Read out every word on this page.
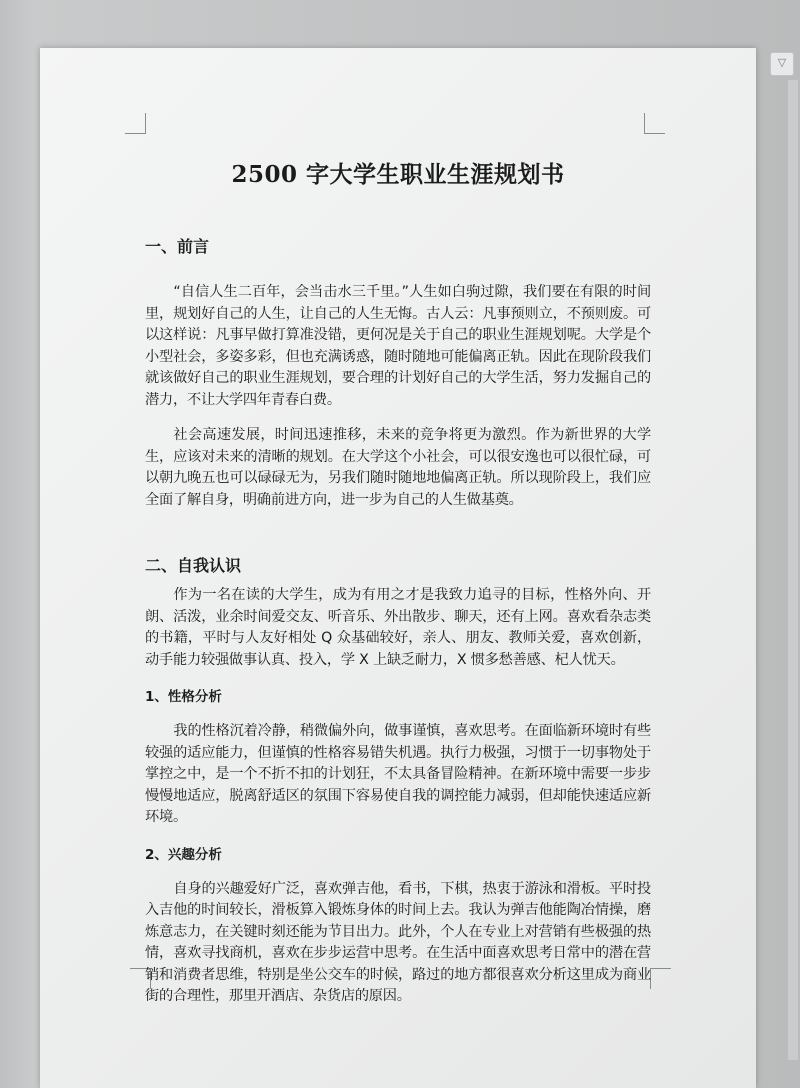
▽
2500 字大学生职业生涯规划书
一、前言

“自信人生二百年，会当击水三千里。”人生如白驹过隙，我们要在有限的时间里，规划好自己的人生，让自己的人生无悔。古人云：凡事预则立，不预则废。可以这样说：凡事早做打算准没错，更何况是关于自己的职业生涯规划呢。大学是个小型社会，多姿多彩，但也充满诱惑，随时随地可能偏离正轨。因此在现阶段我们就该做好自己的职业生涯规划，要合理的计划好自己的大学生活，努力发掘自己的潜力，不让大学四年青春白费。

社会高速发展，时间迅速推移，未来的竞争将更为激烈。作为新世界的大学生，应该对未来的清晰的规划。在大学这个小社会，可以很安逸也可以很忙碌，可以朝九晚五也可以碌碌无为，另我们随时随地地偏离正轨。所以现阶段上，我们应全面了解自身，明确前进方向，进一步为自己的人生做基奠。

二、自我认识

作为一名在读的大学生，成为有用之才是我致力追寻的目标，性格外向、开朗、活泼，业余时间爱交友、听音乐、外出散步、聊天，还有上网。喜欢看杂志类的书籍，平时与人友好相处 Q 众基础较好，亲人、朋友、教师关爱，喜欢创新，动手能力较强做事认真、投入，学 X 上缺乏耐力，X 惯多愁善感、杞人忧天。

1、性格分析

我的性格沉着冷静，稍微偏外向，做事谨慎，喜欢思考。在面临新环境时有些较强的适应能力，但谨慎的性格容易错失机遇。执行力极强，习惯于一切事物处于掌控之中，是一个不折不扣的计划狂，不太具备冒险精神。在新环境中需要一步步慢慢地适应，脱离舒适区的氛围下容易使自我的调控能力减弱，但却能快速适应新环境。

2、兴趣分析

自身的兴趣爱好广泛，喜欢弹吉他，看书，下棋，热衷于游泳和滑板。平时投入吉他的时间较长，滑板算入锻炼身体的时间上去。我认为弹吉他能陶冶情操，磨炼意志力，在关键时刻还能为节目出力。此外，个人在专业上对营销有些极强的热情，喜欢寻找商机，喜欢在步步运营中思考。在生活中面喜欢思考日常中的潜在营销和消费者思维，特别是坐公交车的时候，路过的地方都很喜欢分析这里成为商业街的合理性，那里开酒店、杂货店的原因。
